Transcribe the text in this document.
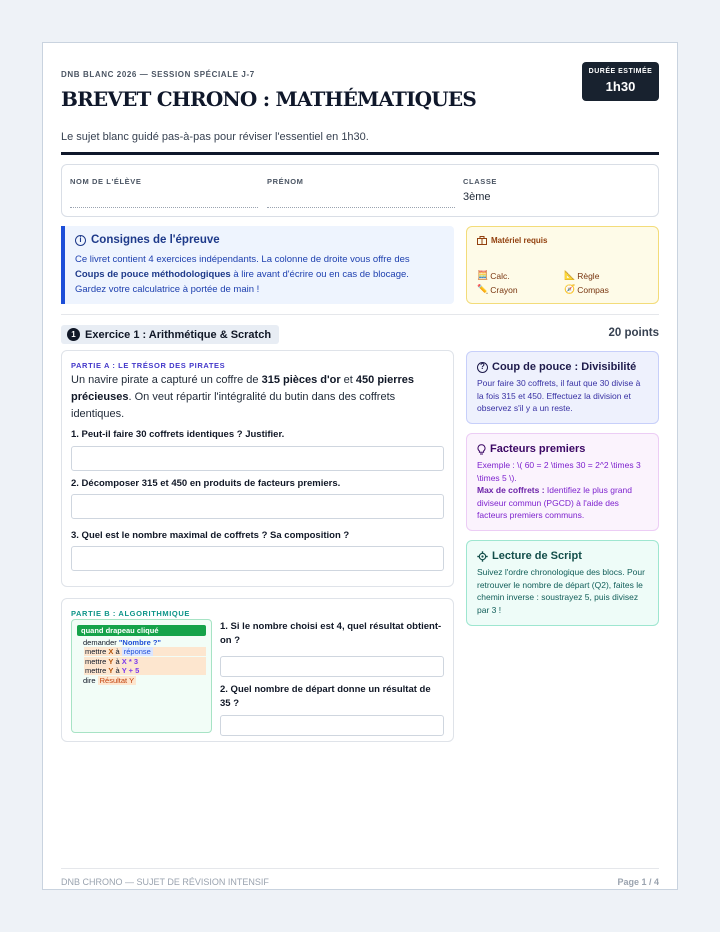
DNB BLANC 2026 — SESSION SPÉCIALE J-7
BREVET CHRONO : MATHÉMATIQUES
Le sujet blanc guidé pas-à-pas pour réviser l'essentiel en 1h30.
DURÉE ESTIMÉE
1h30
NOM DE L'ÉLÈVE	PRÉNOM	CLASSE
3ème
i Consignes de l'épreuve
Ce livret contient 4 exercices indépendants. La colonne de droite vous offre des Coups de pouce méthodologiques à lire avant d'écrire ou en cas de blocage. Gardez votre calculatrice à portée de main !
Matériel requis
🧮 Calc.	📐 Règle
✏️ Crayon	🧭 Compas
1 Exercice 1 : Arithmétique & Scratch	20 points
PARTIE A : LE TRÉSOR DES PIRATES
Un navire pirate a capturé un coffre de 315 pièces d'or et 450 pierres précieuses. On veut répartir l'intégralité du butin dans des coffrets identiques.
1. Peut-il faire 30 coffrets identiques ? Justifier.
2. Décomposer 315 et 450 en produits de facteurs premiers.
3. Quel est le nombre maximal de coffrets ? Sa composition ?
PARTIE B : ALGORITHMIQUE
quand drapeau cliqué
demander "Nombre ?"
mettre X à réponse
mettre Y à X * 3
mettre Y à Y + 5
dire Résultat Y
1. Si le nombre choisi est 4, quel résultat obtient-on ?
2. Quel nombre de départ donne un résultat de 35 ?
? Coup de pouce : Divisibilité
Pour faire 30 coffrets, il faut que 30 divise à la fois 315 et 450. Effectuez la division et observez s'il y a un reste.
Facteurs premiers
Exemple : \( 60 = 2 \times 30 = 2^2 \times 3 \times 5 \).
Max de coffrets : Identifiez le plus grand diviseur commun (PGCD) à l'aide des facteurs premiers communs.
Lecture de Script
Suivez l'ordre chronologique des blocs. Pour retrouver le nombre de départ (Q2), faites le chemin inverse : soustrayez 5, puis divisez par 3 !
DNB CHRONO — SUJET DE RÉVISION INTENSIF	Page 1 / 4
